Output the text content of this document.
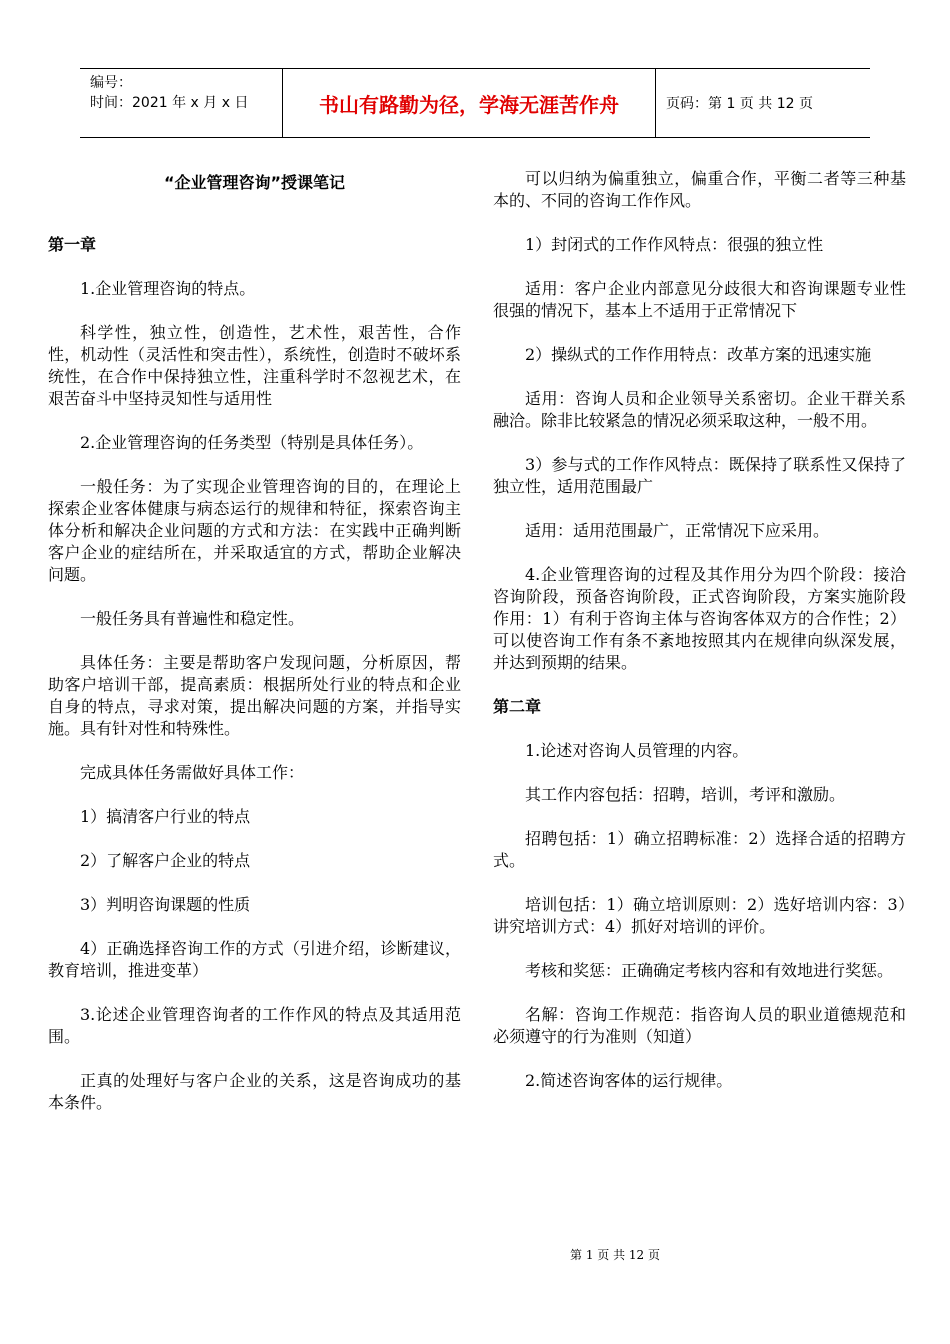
编号：
时间：2021 年 x 月 x 日	书山有路勤为径，学海无涯苦作舟	页码：第 1 页 共 12 页
“企业管理咨询”授课笔记
第一章

1.企业管理咨询的特点。

科学性，独立性，创造性，艺术性，艰苦性，合作性，机动性（灵活性和突击性），系统性，创造时不破坏系统性，在合作中保持独立性，注重科学时不忽视艺术，在艰苦奋斗中坚持灵知性与适用性

2.企业管理咨询的任务类型（特别是具体任务）。

一般任务：为了实现企业管理咨询的目的，在理论上探索企业客体健康与病态运行的规律和特征，探索咨询主体分析和解决企业问题的方式和方法：在实践中正确判断客户企业的症结所在，并采取适宜的方式，帮助企业解决问题。

一般任务具有普遍性和稳定性。

具体任务：主要是帮助客户发现问题，分析原因，帮助客户培训干部，提高素质：根据所处行业的特点和企业自身的特点，寻求对策，提出解决问题的方案，并指导实施。具有针对性和特殊性。

完成具体任务需做好具体工作：

1）搞清客户行业的特点

2）了解客户企业的特点

3）判明咨询课题的性质

4）正确选择咨询工作的方式（引进介绍，诊断建议，教育培训，推进变革）

3.论述企业管理咨询者的工作作风的特点及其适用范围。

正真的处理好与客户企业的关系，这是咨询成功的基本条件。

可以归纳为偏重独立，偏重合作，平衡二者等三种基本的、不同的咨询工作作风。

1）封闭式的工作作风特点：很强的独立性

适用：客户企业内部意见分歧很大和咨询课题专业性很强的情况下，基本上不适用于正常情况下

2）操纵式的工作作用特点：改革方案的迅速实施

适用：咨询人员和企业领导关系密切。企业干群关系融洽。除非比较紧急的情况必须采取这种，一般不用。

3）参与式的工作作风特点：既保持了联系性又保持了独立性，适用范围最广

适用：适用范围最广，正常情况下应采用。

4.企业管理咨询的过程及其作用分为四个阶段：接洽咨询阶段，预备咨询阶段，正式咨询阶段，方案实施阶段作用：1）有利于咨询主体与咨询客体双方的合作性；2）可以使咨询工作有条不紊地按照其内在规律向纵深发展，并达到预期的结果。

第二章

1.论述对咨询人员管理的内容。

其工作内容包括：招聘，培训，考评和激励。

招聘包括：1）确立招聘标准：2）选择合适的招聘方式。

培训包括：1）确立培训原则：2）选好培训内容：3）讲究培训方式：4）抓好对培训的评价。

考核和奖惩：正确确定考核内容和有效地进行奖惩。

名解：咨询工作规范：指咨询人员的职业道德规范和必须遵守的行为准则（知道）

2.简述咨询客体的运行规律。

第 1 页 共 12 页
